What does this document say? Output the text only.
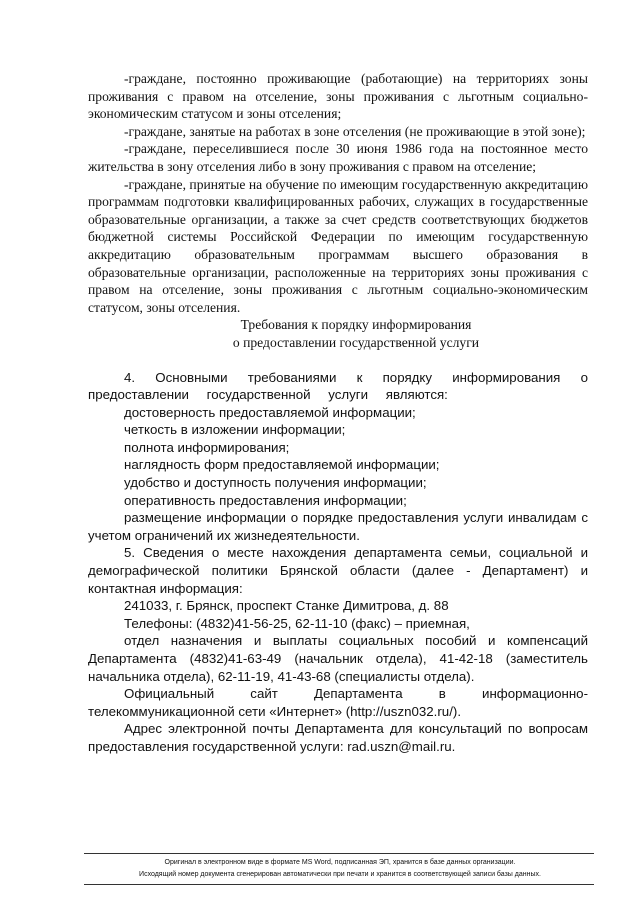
-граждане, постоянно проживающие (работающие) на территориях зоны проживания с правом на отселение, зоны проживания с льготным социально-экономическим статусом и зоны отселения;

-граждане, занятые на работах в зоне отселения (не проживающие в этой зоне);

-граждане, переселившиеся после 30 июня 1986 года на постоянное место жительства в зону отселения либо в зону проживания с правом на отселение;

-граждане, принятые на обучение по имеющим государственную аккредитацию программам подготовки квалифицированных рабочих, служащих в государственные образовательные организации, а также за счет средств соответствующих бюджетов бюджетной системы Российской Федерации по имеющим государственную аккредитацию образовательным программам высшего образования в образовательные организации, расположенные на территориях зоны проживания с правом на отселение, зоны проживания с льготным социально-экономическим статусом, зоны отселения.

Требования к порядку информирования

о предоставлении государственной услуги

4. Основными требованиями к порядку информирования о предоставлении государственной услуги являются:

достоверность предоставляемой информации;

четкость в изложении информации;

полнота информирования;

наглядность форм предоставляемой информации;

удобство и доступность получения информации;

оперативность предоставления информации;

размещение информации о порядке предоставления услуги инвалидам с учетом ограничений их жизнедеятельности.

5. Сведения о месте нахождения департамента семьи, социальной и демографической политики Брянской области (далее - Департамент) и контактная информация:

241033, г. Брянск, проспект Станке Димитрова, д. 88

Телефоны: (4832)41-56-25, 62-11-10 (факс) – приемная,

отдел назначения и выплаты социальных пособий и компенсаций Департамента (4832)41-63-49 (начальник отдела), 41-42-18 (заместитель начальника отдела), 62-11-19, 41-43-68 (специалисты отдела).

Официальный сайт Департамента в информационно-телекоммуникационной сети «Интернет» (http://uszn032.ru/).

Адрес электронной почты Департамента для консультаций по вопросам предоставления государственной услуги: rad.uszn@mail.ru.

Оригинал в электронном виде в формате MS Word, подписанная ЭП, хранится в базе данных организации.
Исходящий номер документа сгенерирован автоматически при печати и хранится в соответствующей записи базы данных.
